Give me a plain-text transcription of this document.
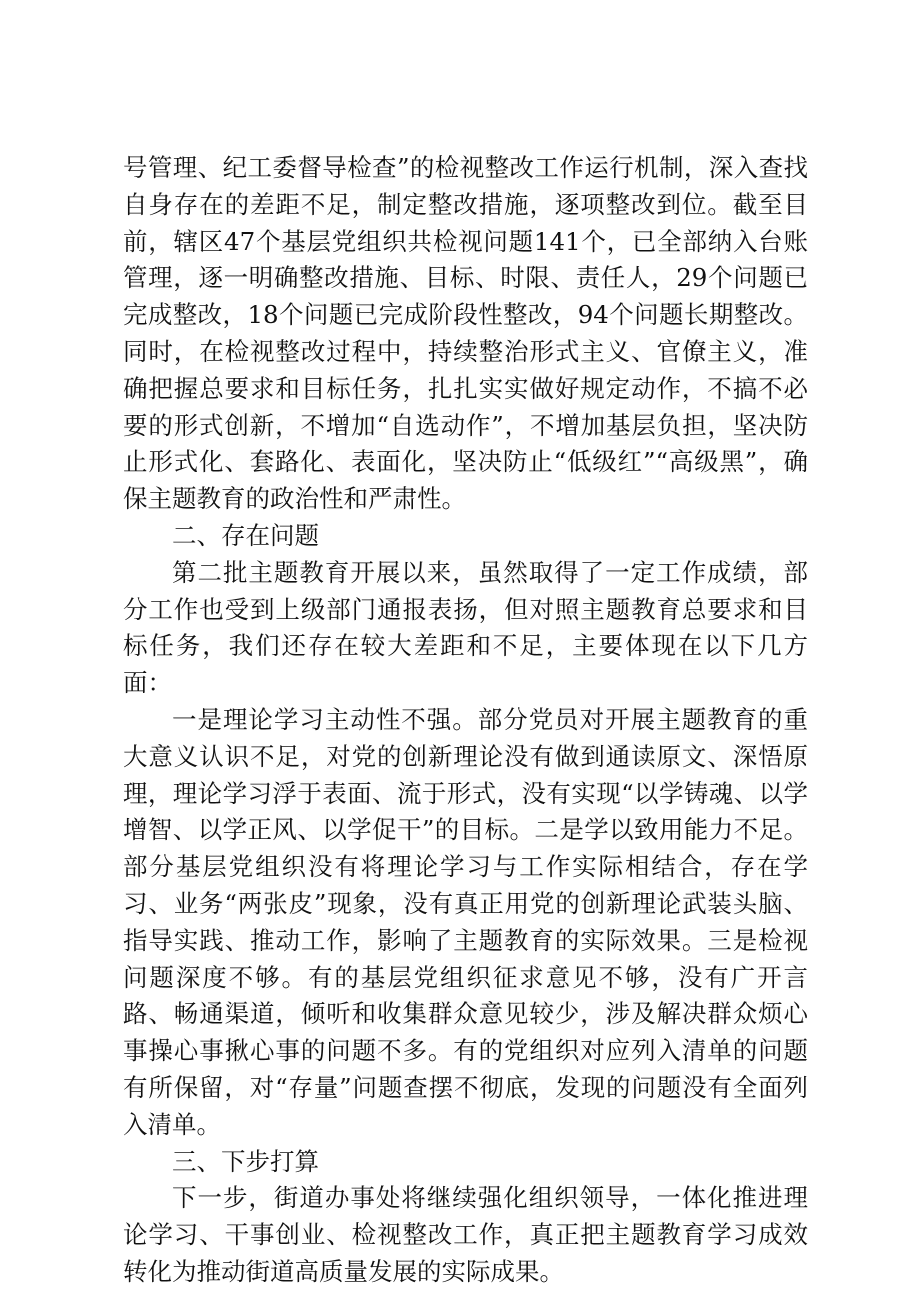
号管理、纪工委督导检查”的检视整改工作运行机制，深入查找自身存在的差距不足，制定整改措施，逐项整改到位。截至目前，辖区47个基层党组织共检视问题141个，已全部纳入台账管理，逐一明确整改措施、目标、时限、责任人，29个问题已完成整改，18个问题已完成阶段性整改，94个问题长期整改。同时，在检视整改过程中，持续整治形式主义、官僚主义，准确把握总要求和目标任务，扎扎实实做好规定动作，不搞不必要的形式创新，不增加“自选动作”，不增加基层负担，坚决防止形式化、套路化、表面化，坚决防止“低级红”“高级黑”，确保主题教育的政治性和严肃性。

二、存在问题

第二批主题教育开展以来，虽然取得了一定工作成绩，部分工作也受到上级部门通报表扬，但对照主题教育总要求和目标任务，我们还存在较大差距和不足，主要体现在以下几方面：

一是理论学习主动性不强。部分党员对开展主题教育的重大意义认识不足，对党的创新理论没有做到通读原文、深悟原理，理论学习浮于表面、流于形式，没有实现“以学铸魂、以学增智、以学正风、以学促干”的目标。二是学以致用能力不足。部分基层党组织没有将理论学习与工作实际相结合，存在学习、业务“两张皮”现象，没有真正用党的创新理论武装头脑、指导实践、推动工作，影响了主题教育的实际效果。三是检视问题深度不够。有的基层党组织征求意见不够，没有广开言路、畅通渠道，倾听和收集群众意见较少，涉及解决群众烦心事操心事揪心事的问题不多。有的党组织对应列入清单的问题有所保留，对“存量”问题查摆不彻底，发现的问题没有全面列入清单。

三、下步打算

下一步，街道办事处将继续强化组织领导，一体化推进理论学习、干事创业、检视整改工作，真正把主题教育学习成效转化为推动街道高质量发展的实际成果。
